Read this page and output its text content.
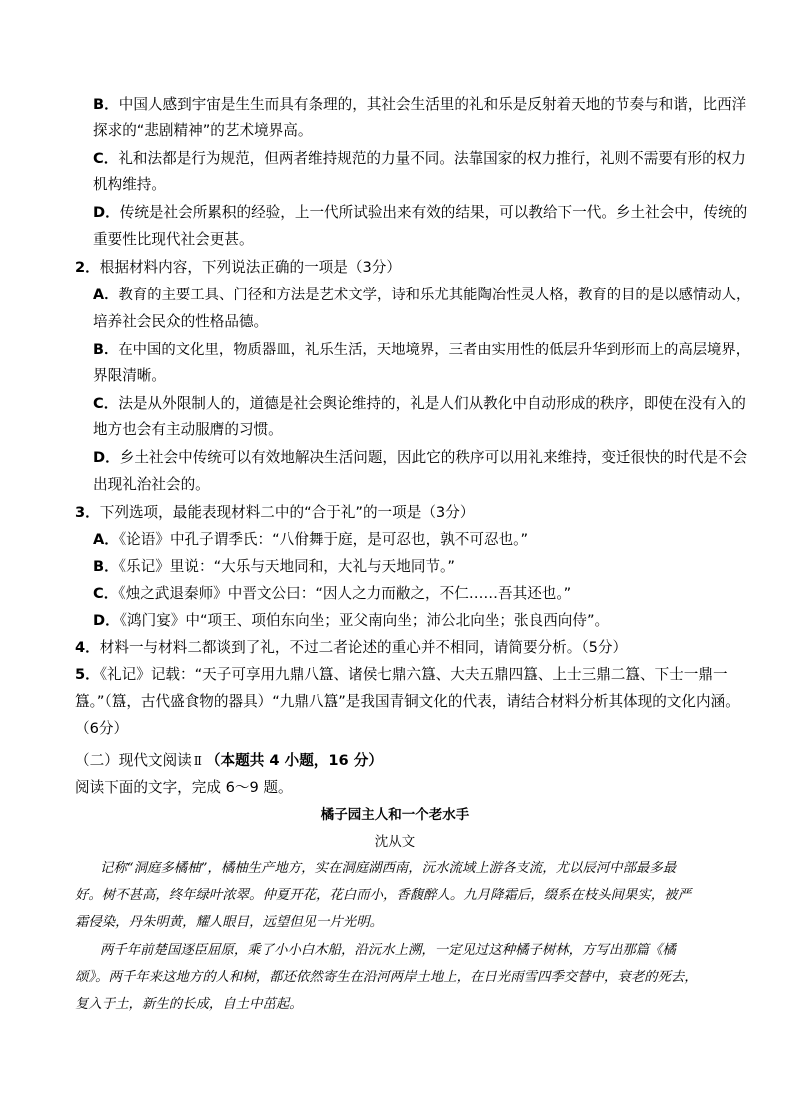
B．中国人感到宇宙是生生而具有条理的，其社会生活里的礼和乐是反射着天地的节奏与和谐，比西洋
探求的“悲剧精神”的艺术境界高。
C．礼和法都是行为规范，但两者维持规范的力量不同。法靠国家的权力推行，礼则不需要有形的权力
机构维持。
D．传统是社会所累积的经验，上一代所试验出来有效的结果，可以教给下一代。乡土社会中，传统的
重要性比现代社会更甚。
2．根据材料内容，下列说法正确的一项是（3分）
A．教育的主要工具、门径和方法是艺术文学，诗和乐尤其能陶冶性灵人格，教育的目的是以感情动人，
培养社会民众的性格品德。
B．在中国的文化里，物质器皿，礼乐生活，天地境界，三者由实用性的低层升华到形而上的高层境界，
界限清晰。
C．法是从外限制人的，道德是社会舆论维持的，礼是人们从教化中自动形成的秩序，即使在没有入的
地方也会有主动服膺的习惯。
D．乡土社会中传统可以有效地解决生活问题，因此它的秩序可以用礼来维持，变迁很快的时代是不会
出现礼治社会的。
3．下列选项，最能表现材料二中的“合于礼”的一项是（3分）
A．《论语》中孔子谓季氏：“八佾舞于庭，是可忍也，孰不可忍也。”
B．《乐记》里说：“大乐与天地同和，大礼与天地同节。”
C．《烛之武退秦师》中晋文公曰：“因人之力而敝之，不仁……吾其还也。”
D．《鸿门宴》中“项王、项伯东向坐；亚父南向坐；沛公北向坐；张良西向侍”。
4．材料一与材料二都谈到了礼，不过二者论述的重心并不相同，请简要分析。（5分）
5．《礼记》记载：“天子可享用九鼎八簋、诸侯七鼎六簋、大夫五鼎四簋、上士三鼎二簋、下士一鼎一
簋。”（簋，古代盛食物的器具）“九鼎八簋”是我国青铜文化的代表，请结合材料分析其体现的文化内涵。
（6分）
（二）现代文阅读 Ⅱ （本题共 4 小题，16 分）
阅读下面的文字，完成 6～9 题。
橘子园主人和一个老水手
沈从文
记称“洞庭多橘柚”，橘柚生产地方，实在洞庭湖西南，沅水流域上游各支流，尤以辰河中部最多最
好。树不甚高，终年绿叶浓翠。仲夏开花，花白而小，香馥醉人。九月降霜后，缀系在枝头间果实，被严
霜侵染，丹朱明黄，耀人眼目，远望但见一片光明。
两千年前楚国逐臣屈原，乘了小小白木船，沿沅水上溯，一定见过这种橘子树林，方写出那篇《橘
颂》。两千年来这地方的人和树，都还依然寄生在沿河两岸土地上，在日光雨雪四季交替中，衰老的死去，
复入于土，新生的长成，自土中茁起。
